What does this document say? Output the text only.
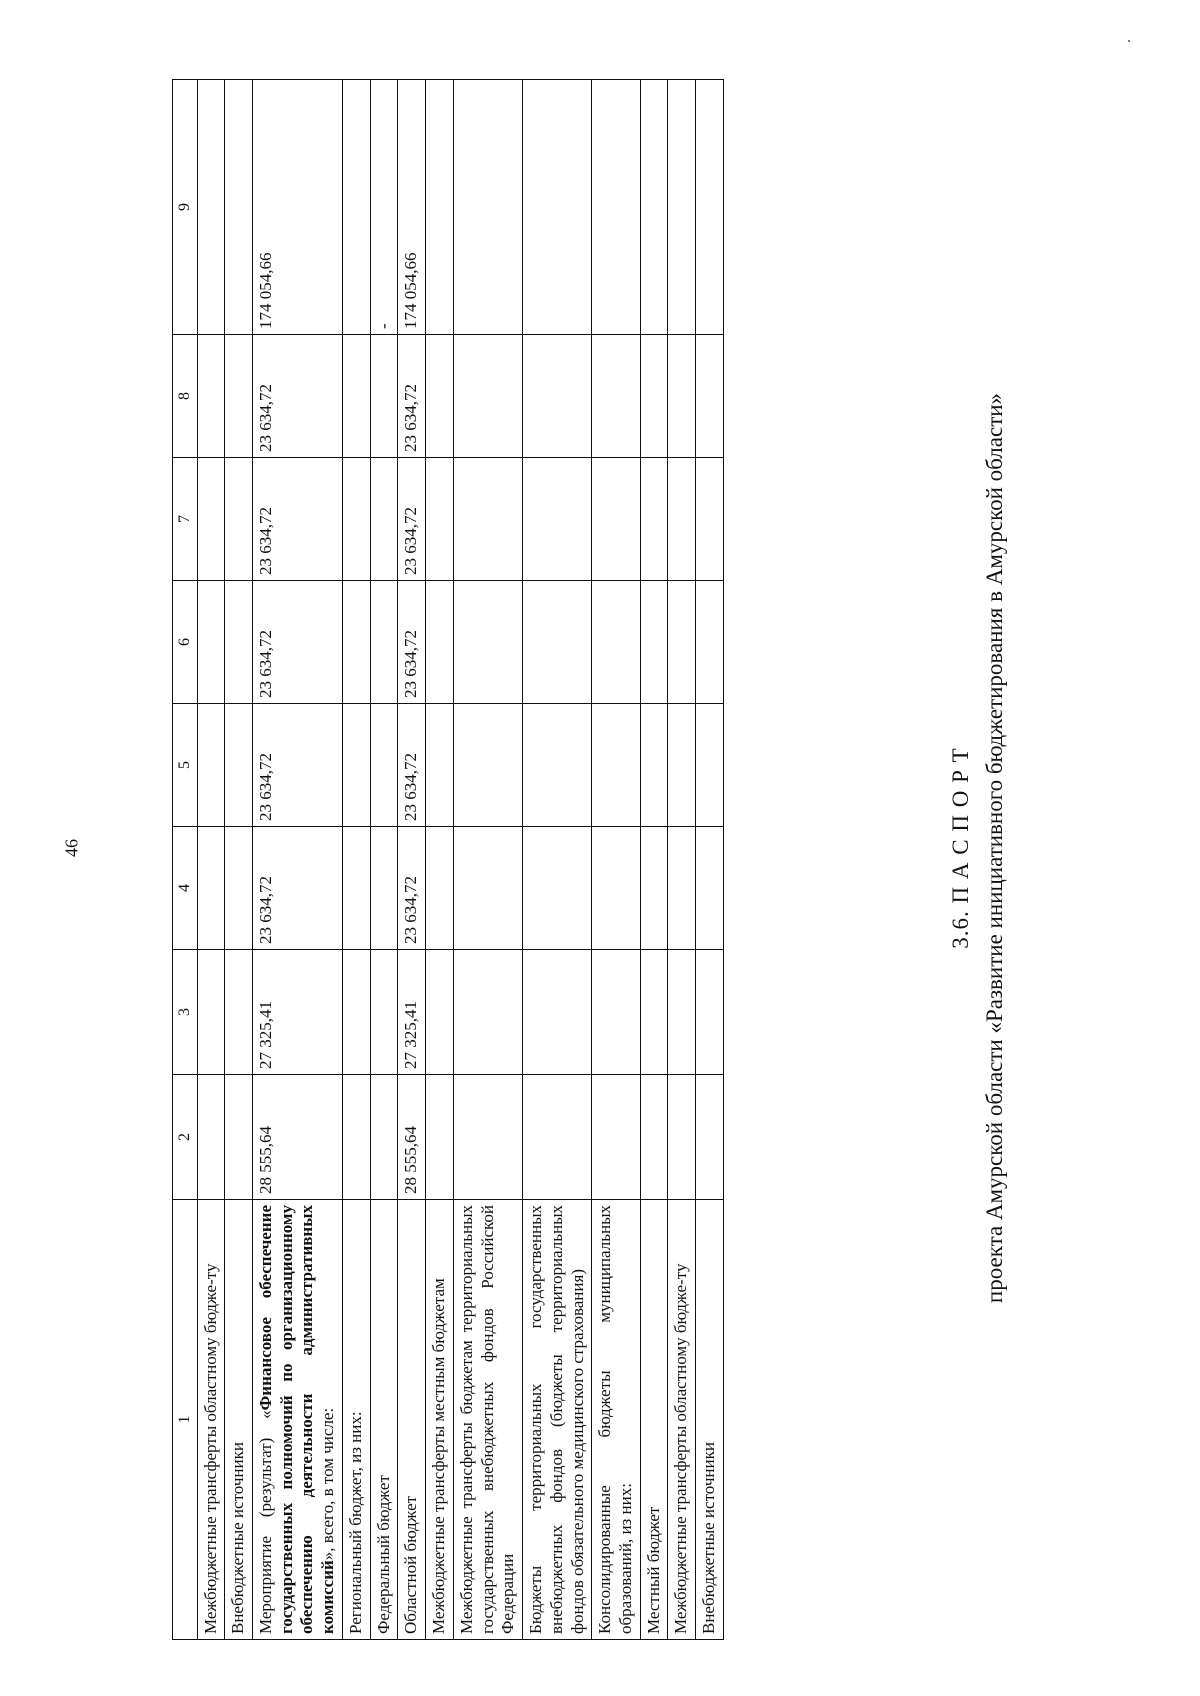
46
1	2	3	4	5	6	7	8	9
Межбюджетные трансферты областному бюдже-ту								
Внебюджетные источники								
Мероприятие (результат) «Финансовое обеспечение государственных полномочий по организационному обеспечению деятельности административных комиссий», всего, в том числе:	28 555,64	27 325,41	23 634,72	23 634,72	23 634,72	23 634,72	23 634,72	174 054,66
Региональный бюджет, из них:								
Федеральный бюджет								-
Областной бюджет	28 555,64	27 325,41	23 634,72	23 634,72	23 634,72	23 634,72	23 634,72	174 054,66
Межбюджетные трансферты местным бюджетам								
Межбюджетные трансферты бюджетам территориальных государственных внебюджетных фондов Российской Федерации								
Бюджеты территориальных государственных внебюджетных фондов (бюджеты территориальных фондов обязательного медицинского страхования)								
Консолидированные бюджеты муниципальных образований, из них:								
Местный бюджет								
Межбюджетные трансферты областному бюдже-ту								
Внебюджетные источники								
3.6. П А С П О Р Т проекта Амурской области «Развитие инициативного бюджетирования в Амурской области»
